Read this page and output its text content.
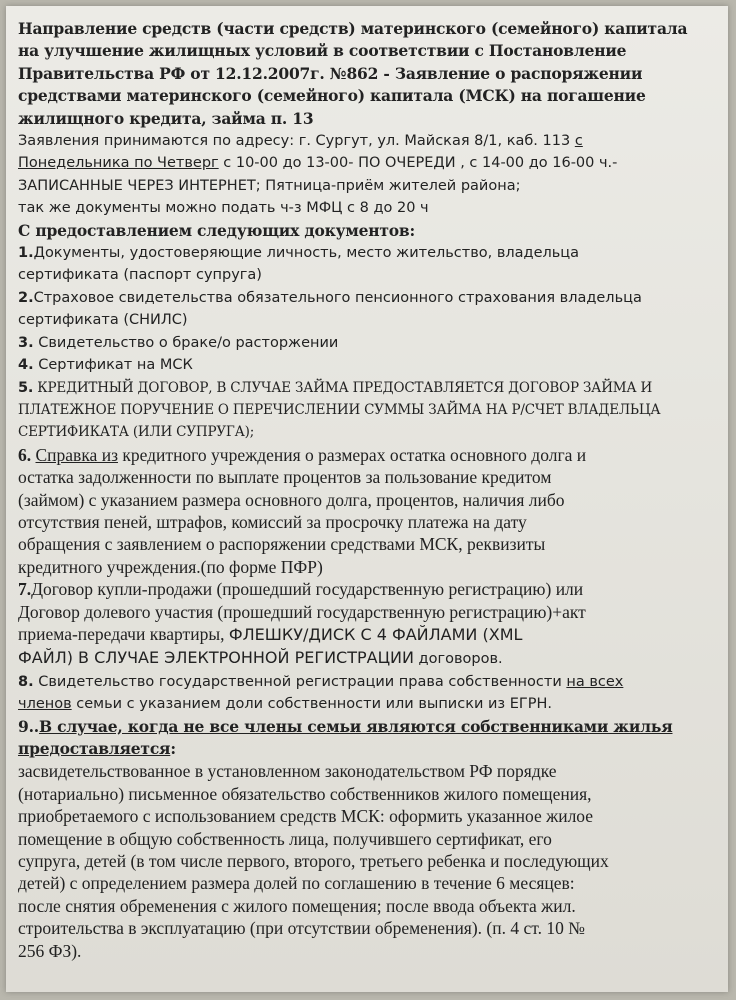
Направление средств (части средств) материнского (семейного) капитала
на улучшение жилищных условий в соответствии с Постановление
Правительства РФ от 12.12.2007г. №862 - Заявление о распоряжении
средствами материнского (семейного) капитала (МСК) на погашение
жилищного кредита, займа п. 13
Заявления принимаются по адресу: г. Сургут, ул. Майская 8/1, каб. 113 с
Понедельника по Четверг с 10-00 до 13-00- ПО ОЧЕРЕДИ , с 14-00 до 16-00 ч.-
ЗАПИСАННЫЕ ЧЕРЕЗ ИНТЕРНЕТ; Пятница-приём жителей района;
так же документы можно подать ч-з МФЦ с 8 до 20 ч
С предоставлением следующих документов:
1.Документы, удостоверяющие личность, место жительство, владельца
сертификата (паспорт супруга)
2.Страховое свидетельства обязательного пенсионного страхования владельца
сертификата (СНИЛС)
3. Свидетельство о браке/о расторжении
4. Сертификат на МСК
5. КРЕДИТНЫЙ ДОГОВОР, В СЛУЧАЕ ЗАЙМА ПРЕДОСТАВЛЯЕТСЯ ДОГОВОР ЗАЙМА И
ПЛАТЕЖНОЕ ПОРУЧЕНИЕ О ПЕРЕЧИСЛЕНИИ СУММЫ ЗАЙМА НА Р/СЧЕТ ВЛАДЕЛЬЦА
СЕРТИФИКАТА (ИЛИ СУПРУГА);
6. Справка из кредитного учреждения о размерах остатка основного долга и
остатка задолженности по выплате процентов за пользование кредитом
(займом) с указанием размера основного долга, процентов, наличия либо
отсутствия пеней, штрафов, комиссий за просрочку платежа на дату
обращения с заявлением о распоряжении средствами МСК, реквизиты
кредитного учреждения.(по форме ПФР)
7.Договор купли-продажи (прошедший государственную регистрацию) или
Договор долевого участия (прошедший государственную регистрацию)+акт
приема-передачи квартиры, ФЛЕШКУ/ДИСК С 4 ФАЙЛАМИ (XML
ФАЙЛ) В СЛУЧАЕ ЭЛЕКТРОННОЙ РЕГИСТРАЦИИ договоров.
8. Свидетельство государственной регистрации права собственности на всех
членов семьи с указанием доли собственности или выписки из ЕГРН.
9..В случае, когда не все члены семьи являются собственниками жилья
предоставляется:
засвидетельствованное в установленном законодательством РФ порядке
(нотариально) письменное обязательство собственников жилого помещения,
приобретаемого с использованием средств МСК: оформить указанное жилое
помещение в общую собственность лица, получившего сертификат, его
супруга, детей (в том числе первого, второго, третьего ребенка и последующих
детей) с определением размера долей по соглашению в течение 6 месяцев:
после снятия обременения с жилого помещения; после ввода объекта жил.
строительства в эксплуатацию (при отсутствии обременения). (п. 4 ст. 10 №
256 ФЗ).
